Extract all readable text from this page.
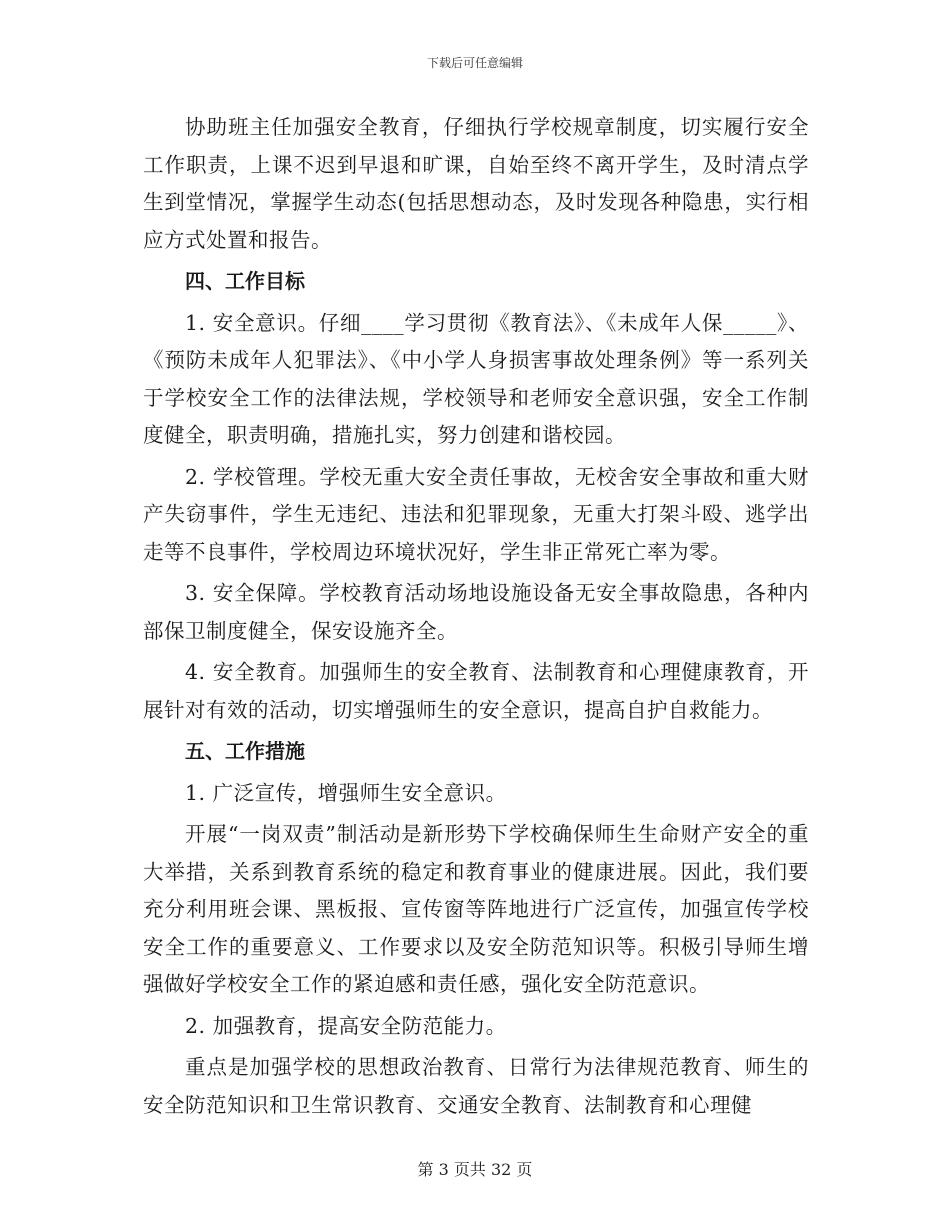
下载后可任意编辑

协助班主任加强安全教育，仔细执行学校规章制度，切实履行安全工作职责，上课不迟到早退和旷课，自始至终不离开学生，及时清点学生到堂情况，掌握学生动态(包括思想动态，及时发现各种隐患，实行相应方式处置和报告。

四、工作目标

1. 安全意识。仔细____学习贯彻《教育法》、《未成年人保_____》、《预防未成年人犯罪法》、《中小学人身损害事故处理条例》等一系列关于学校安全工作的法律法规，学校领导和老师安全意识强，安全工作制度健全，职责明确，措施扎实，努力创建和谐校园。

2. 学校管理。学校无重大安全责任事故，无校舍安全事故和重大财产失窃事件，学生无违纪、违法和犯罪现象，无重大打架斗殴、逃学出走等不良事件，学校周边环境状况好，学生非正常死亡率为零。

3. 安全保障。学校教育活动场地设施设备无安全事故隐患，各种内部保卫制度健全，保安设施齐全。

4. 安全教育。加强师生的安全教育、法制教育和心理健康教育，开展针对有效的活动，切实增强师生的安全意识，提高自护自救能力。

五、工作措施

1. 广泛宣传，增强师生安全意识。

开展“一岗双责”制活动是新形势下学校确保师生生命财产安全的重大举措，关系到教育系统的稳定和教育事业的健康进展。因此，我们要充分利用班会课、黑板报、宣传窗等阵地进行广泛宣传，加强宣传学校安全工作的重要意义、工作要求以及安全防范知识等。积极引导师生增强做好学校安全工作的紧迫感和责任感，强化安全防范意识。

2. 加强教育，提高安全防范能力。

重点是加强学校的思想政治教育、日常行为法律规范教育、师生的安全防范知识和卫生常识教育、交通安全教育、法制教育和心理健

第 3 页共 32 页
